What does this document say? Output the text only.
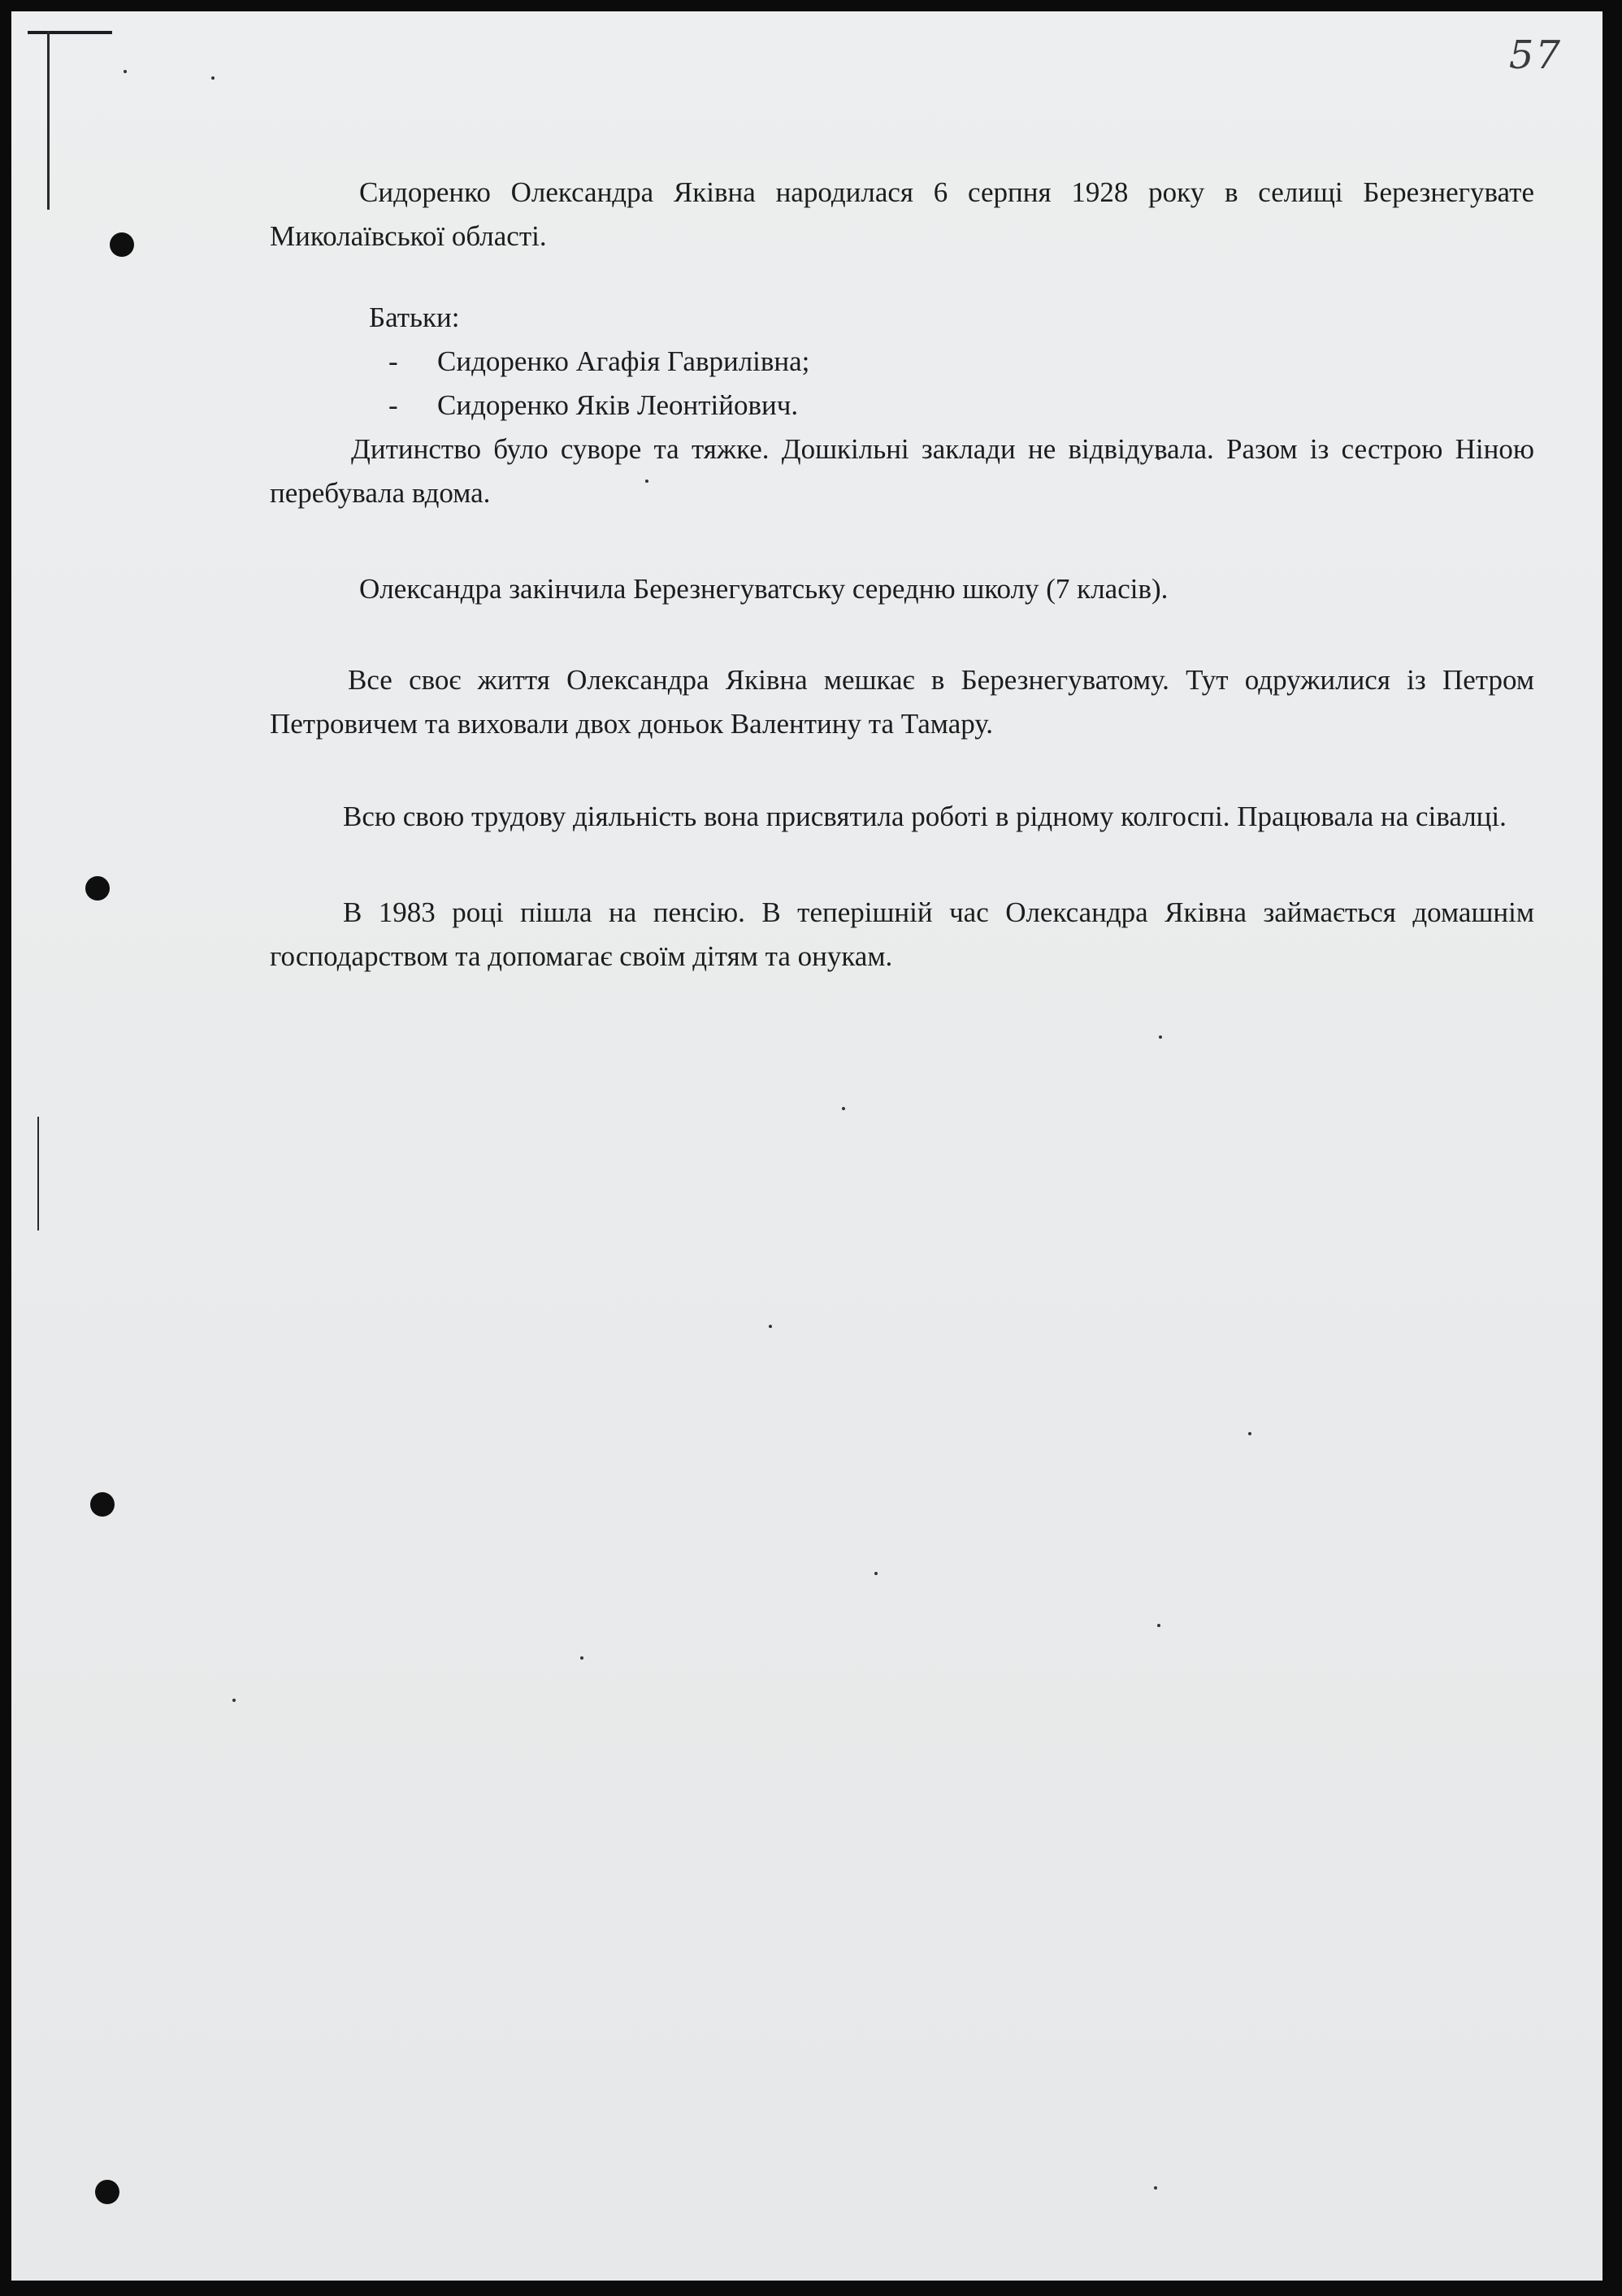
57

Сидоренко Олександра Яківна народилася 6 серпня 1928 року в селищі Березнегувате Миколаївської області.

Батьки:

- Сидоренко Агафія Гаврилівна;
- Сидоренко Яків Леонтійович.

Дитинство було суворе та тяжке. Дошкільні заклади не відвідувала. Разом із сестрою Ніною перебувала вдома.

Олександра закінчила Березнегуватську середню школу (7 класів).

Все своє життя Олександра Яківна мешкає в Березнегуватому. Тут одружилися із Петром Петровичем та виховали двох доньок Валентину та Тамару.

Всю свою трудову діяльність вона присвятила роботі в рідному колгоспі. Працювала на сівалці.

В 1983 році пішла на пенсію. В теперішній час Олександра Яківна займається домашнім господарством та допомагає своїм дітям та онукам.
